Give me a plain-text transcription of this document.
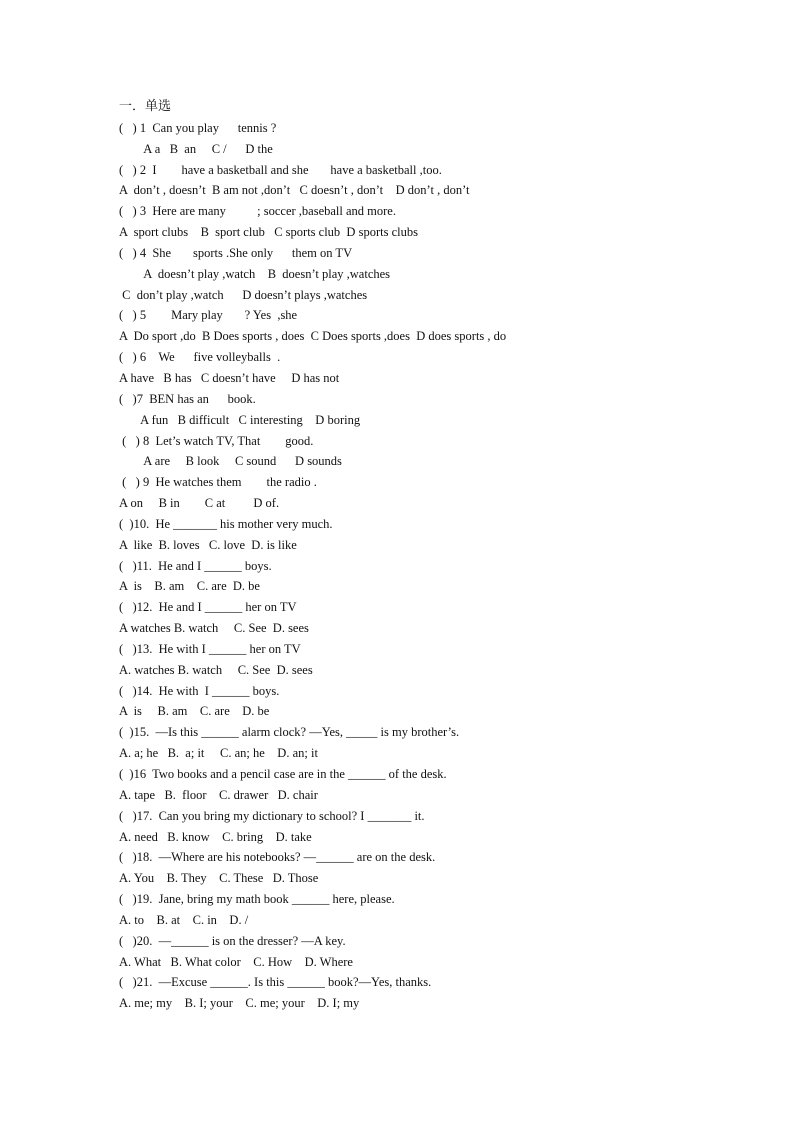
一．单选
(   ) 1  Can you play      tennis ?
A a   B  an     C /      D the
(   ) 2  I        have a basketball and she       have a basketball ,too.
A  don’t , doesn’t  B am not ,don’t   C doesn’t , don’t    D don’t , don’t
(   ) 3  Here are many          ; soccer ,baseball and more.
A  sport clubs    B  sport club   C sports club  D sports clubs
(   ) 4  She       sports .She only      them on TV
A  doesn’t play ,watch    B  doesn’t play ,watches
C  don’t play ,watch      D doesn’t plays ,watches
(   ) 5        Mary play       ? Yes  ,she
A  Do sport ,do  B Does sports , does  C Does sports ,does  D does sports , do
(   ) 6    We      five volleyballs  .
A have   B has   C doesn’t have     D has not
(   )7  BEN has an      book.
A fun   B difficult   C interesting    D boring
(   ) 8  Let’s watch TV, That        good.
A are     B look     C sound      D sounds
(   ) 9  He watches them        the radio .
A on     B in        C at         D of.
(  )10.  He _______ his mother very much.
A  like  B. loves   C. love  D. is like
(   )11.  He and I ______ boys.
A  is    B. am    C. are  D. be
(   )12.  He and I ______ her on TV
A watches B. watch     C. See  D. sees
(   )13.  He with I ______ her on TV
A. watches B. watch     C. See  D. sees
(   )14.  He with  I ______ boys.
A  is     B. am    C. are    D. be
(  )15.  —Is this ______ alarm clock? —Yes, _____ is my brother’s.
A. a; he   B.  a; it     C. an; he    D. an; it
(  )16  Two books and a pencil case are in the ______ of the desk.
A. tape   B.  floor    C. drawer   D. chair
(   )17.  Can you bring my dictionary to school? I _______ it.
A. need   B. know    C. bring    D. take
(   )18.  —Where are his notebooks? —______ are on the desk.
A. You    B. They    C. These   D. Those
(   )19.  Jane, bring my math book ______ here, please.
A. to    B. at    C. in    D. /
(   )20.  —______ is on the dresser? —A key.
A. What   B. What color    C. How    D. Where
(   )21.  —Excuse ______. Is this ______ book?—Yes, thanks.
A. me; my    B. I; your    C. me; your    D. I; my
